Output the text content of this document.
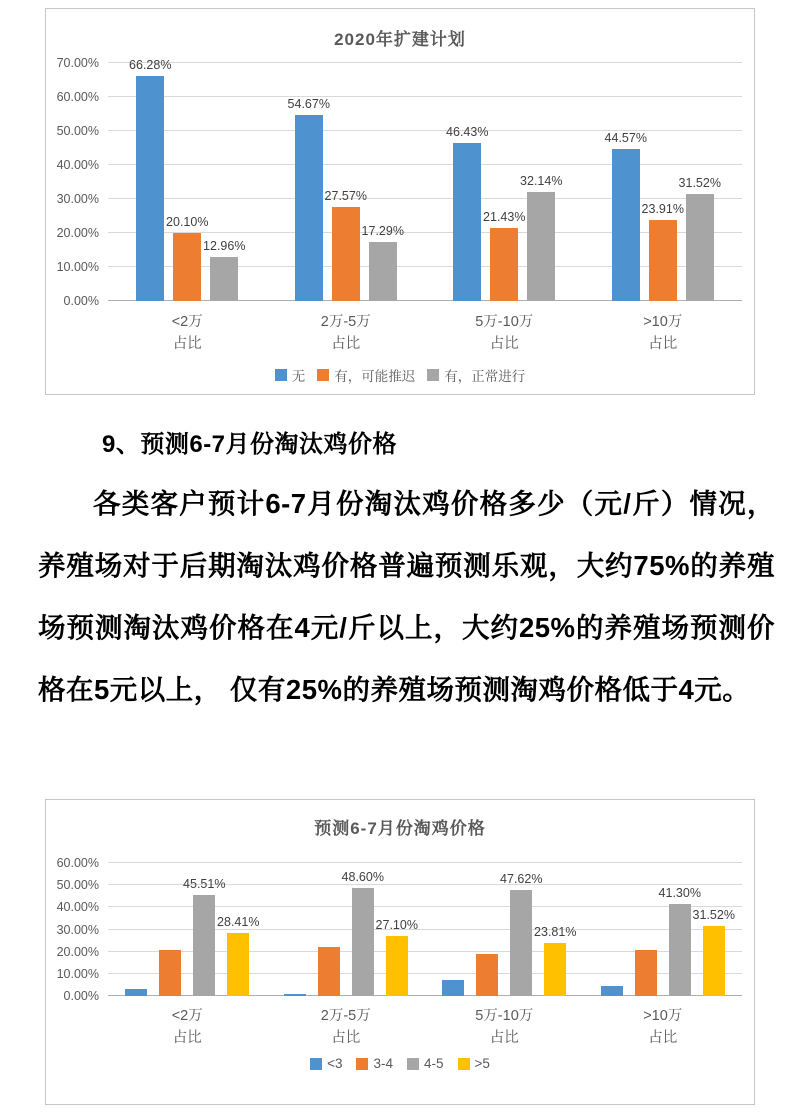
2020年扩建计划
0.00%
10.00%
20.00%
30.00%
40.00%
50.00%
60.00%
70.00% 66.28%
20.10%
12.96%
54.67%
27.57%
17.29%
46.43%
21.43%
32.14%
44.57%
23.91%
31.52%
<2万
占比
2万-5万
占比
5万-10万
占比
>10万
占比
无 有，可能推迟 有，正常进行
9、预测6-7月份淘汰鸡价格

各类客户预计6-7月份淘汰鸡价格多少（元/斤）情况，养殖场对于后期淘汰鸡价格普遍预测乐观，大约75%的养殖场预测淘汰鸡价格在4元/斤以上，大约25%的养殖场预测价格在5元以上， 仅有25%的养殖场预测淘鸡价格低于4元。

预测6-7月份淘鸡价格
0.00%
10.00%
20.00%
30.00%
40.00%
50.00%
60.00%
45.51%
28.41%
48.60%
27.10%
47.62%
23.81%
41.30%
31.52%
<2万
占比
2万-5万
占比
5万-10万
占比
>10万
占比
<3 3-4 4-5 >5
